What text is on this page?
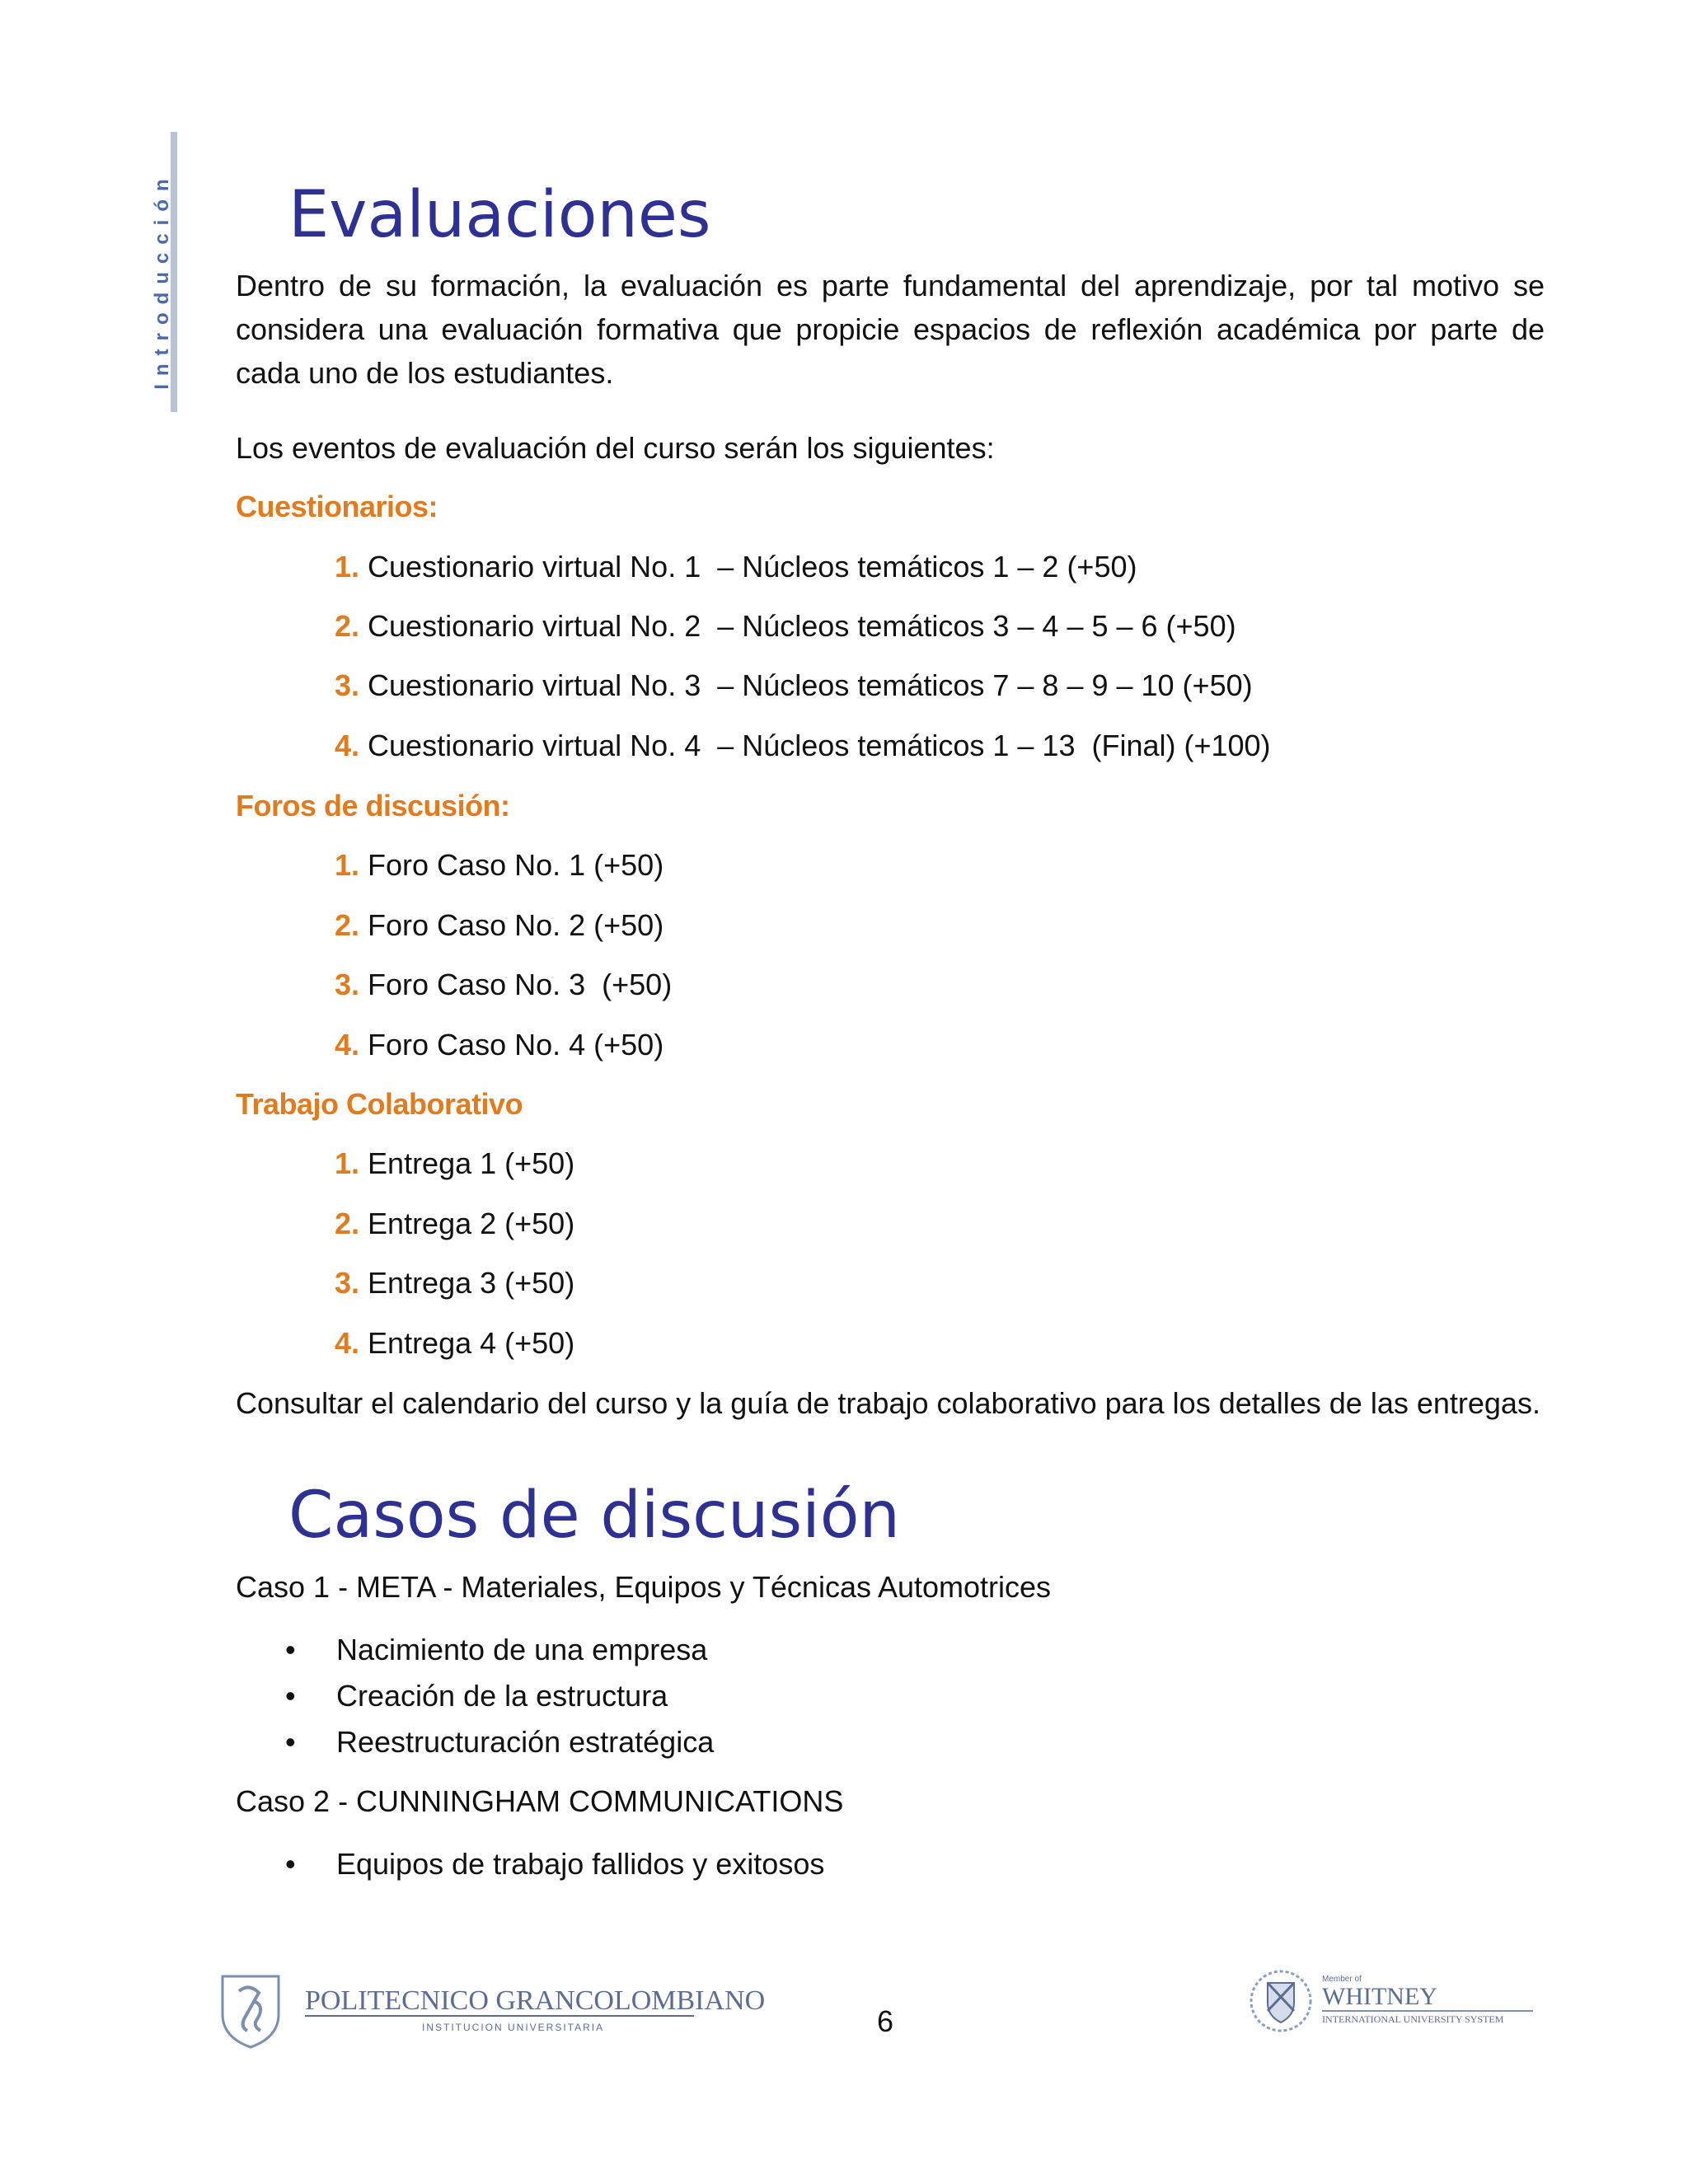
Introducción Evaluaciones

Dentro de su formación, la evaluación es parte fundamental del aprendizaje, por tal motivo se considera una evaluación formativa que propicie espacios de reflexión académica por parte de cada uno de los estudiantes.

Los eventos de evaluación del curso serán los siguientes:
Cuestionarios:
1. Cuestionario virtual No. 1  – Núcleos temáticos 1 – 2 (+50)
2. Cuestionario virtual No. 2  – Núcleos temáticos 3 – 4 – 5 – 6 (+50)
3. Cuestionario virtual No. 3  – Núcleos temáticos 7 – 8 – 9 – 10 (+50)
4. Cuestionario virtual No. 4  – Núcleos temáticos 1 – 13  (Final) (+100)
Foros de discusión:
1. Foro Caso No. 1 (+50)
2. Foro Caso No. 2 (+50)
3. Foro Caso No. 3  (+50)
4. Foro Caso No. 4 (+50)
Trabajo Colaborativo
1. Entrega 1 (+50)
2. Entrega 2 (+50)
3. Entrega 3 (+50)
4. Entrega 4 (+50)

Consultar el calendario del curso y la guía de trabajo colaborativo para los detalles de las entregas.

Casos de discusión
Caso 1 - META - Materiales, Equipos y Técnicas Automotrices
• Nacimiento de una empresa
• Creación de la estructura
• Reestructuración estratégica
Caso 2 - CUNNINGHAM COMMUNICATIONS
• Equipos de trabajo fallidos y exitosos
POLITECNICO GRANCOLOMBIANO
INSTITUCION UNIVERSITARIA	6
Member of
WHITNEY
INTERNATIONAL UNIVERSITY SYSTEM
